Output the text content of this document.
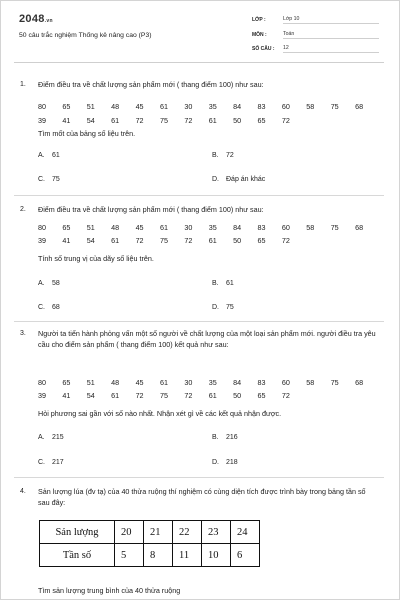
2048.vn
50 câu trắc nghiệm Thống kê nâng cao (P3)
LỚP :	Lớp 10
MÔN :	Toán
SỐ CÂU : 12
1. Điểm điều tra về chất lượng sản phẩm mới ( thang điểm 100) như sau:
80	65	51	48	45	61	30	35	84	83	60	58	75	68
39	41	54	61	72	75	72	61	50	65	72
Tìm mốt của bảng số liệu trên.
A. 61	B. 72
C. 75	D. Đáp án khác
2. Điểm điều tra về chất lượng sản phẩm mới ( thang điểm 100) như sau:
80	65	51	48	45	61	30	35	84	83	60	58	75	68
39	41	54	61	72	75	72	61	50	65	72
Tính số trung vị của dãy số liệu trên.
A. 58	B. 61
C. 68	D. 75
3. Người ta tiến hành phỏng vấn một số người về chất lượng của một loại sản phẩm mới. người điều tra yêu cầu cho điểm sản phẩm ( thang điểm 100) kết quả như sau:
80	65	51	48	45	61	30	35	84	83	60	58	75	68
39	41	54	61	72	75	72	61	50	65	72
Hỏi phương sai gần với số nào nhất. Nhận xét gì về các kết quả nhận được.
A. 215	B. 216
C. 217	D. 218
4. Sản lượng lúa (đv tạ) của 40 thửa ruộng thí nghiệm có cùng diện tích được trình bày trong bảng tần số sau đây:
Sản lượng	20	21	22	23	24
Tần số	5	8	11	10	6
Tìm sản lượng trung bình của 40 thửa ruộng
